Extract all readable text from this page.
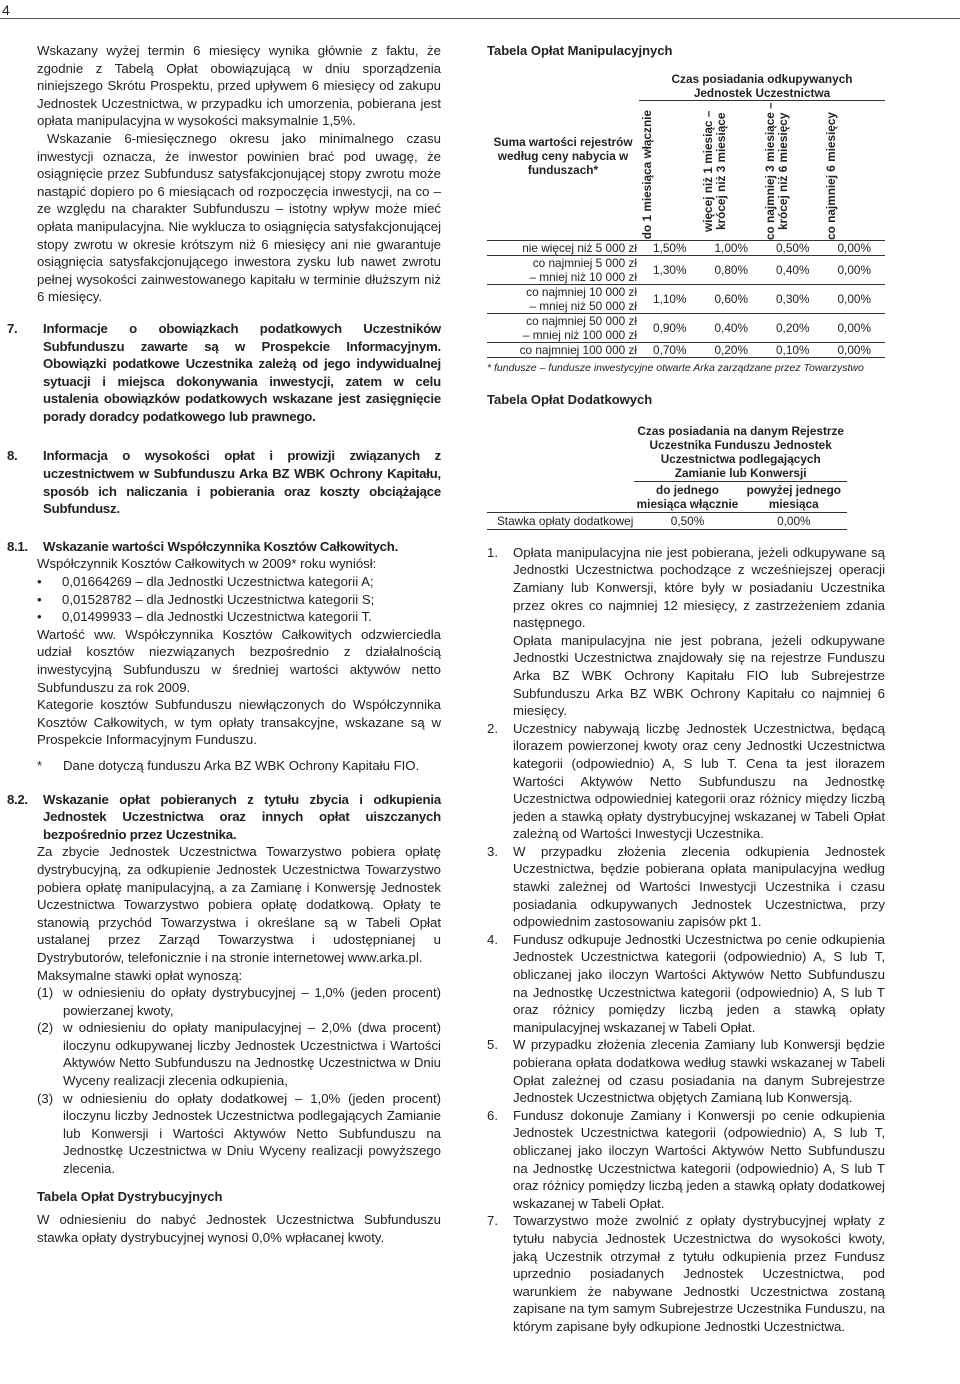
4

Wskazany wyżej termin 6 miesięcy wynika głównie z faktu, że zgodnie z Tabelą Opłat obowiązującą w dniu sporządzenia niniejszego Skrótu Prospektu, przed upływem 6 miesięcy od zakupu Jednostek Uczestnictwa, w przypadku ich umorzenia, pobierana jest opłata manipulacyjna w wysokości maksymalnie 1,5%.

Wskazanie 6-miesięcznego okresu jako minimalnego czasu inwestycji oznacza, że inwestor powinien brać pod uwagę, że osiągnięcie przez Subfundusz satysfakcjonującej stopy zwrotu może nastąpić dopiero po 6 miesiącach od rozpoczęcia inwestycji, na co – ze względu na charakter Subfunduszu – istotny wpływ może mieć opłata manipulacyjna. Nie wyklucza to osiągnięcia satysfakcjonującej stopy zwrotu w okresie krótszym niż 6 miesięcy ani nie gwarantuje osiągnięcia satysfakcjonującego inwestora zysku lub nawet zwrotu pełnej wysokości zainwestowanego kapitału w terminie dłuższym niż 6 miesięcy.

7.	Informacje o obowiązkach podatkowych Uczestników Subfunduszu zawarte są w Prospekcie Informacyjnym. Obowiązki podatkowe Uczestnika zależą od jego indywidualnej sytuacji i miejsca dokonywania inwestycji, zatem w celu ustalenia obowiązków podatkowych wskazane jest zasięgnięcie porady doradcy podatkowego lub prawnego.
8.	Informacja o wysokości opłat i prowizji związanych z uczestnictwem w Subfunduszu Arka BZ WBK Ochrony Kapitału, sposób ich naliczania i pobierania oraz koszty obciążające Subfundusz.
8.1.	Wskazanie wartości Współczynnika Kosztów Całkowitych.

Współczynnik Kosztów Całkowitych w 2009* roku wyniósł:

•	0,01664269 – dla Jednostki Uczestnictwa kategorii A;
•	0,01528782 – dla Jednostki Uczestnictwa kategorii S;
•	0,01499933 – dla Jednostki Uczestnictwa kategorii T.

Wartość ww. Współczynnika Kosztów Całkowitych odzwierciedla udział kosztów niezwiązanych bezpośrednio z działalnością inwestycyjną Subfunduszu w średniej wartości aktywów netto Subfunduszu za rok 2009.

Kategorie kosztów Subfunduszu niewłączonych do Współczynnika Kosztów Całkowitych, w tym opłaty transakcyjne, wskazane są w Prospekcie Informacyjnym Funduszu.

*	Dane dotyczą funduszu Arka BZ WBK Ochrony Kapitału FIO.
8.2.	Wskazanie opłat pobieranych z tytułu zbycia i odkupienia Jednostek Uczestnictwa oraz innych opłat uiszczanych bezpośrednio przez Uczestnika.

Za zbycie Jednostek Uczestnictwa Towarzystwo pobiera opłatę dystrybucyjną, za odkupienie Jednostek Uczestnictwa Towarzystwo pobiera opłatę manipulacyjną, a za Zamianę i Konwersję Jednostek Uczestnictwa Towarzystwo pobiera opłatę dodatkową. Opłaty te stanowią przychód Towarzystwa i określane są w Tabeli Opłat ustalanej przez Zarząd Towarzystwa i udostępnianej u Dystrybutorów, telefonicznie i na stronie internetowej www.arka.pl.

Maksymalne stawki opłat wynoszą:

(1) w odniesieniu do opłaty dystrybucyjnej – 1,0% (jeden procent) powierzanej kwoty,

(2) w odniesieniu do opłaty manipulacyjnej – 2,0% (dwa procent) iloczynu odkupywanej liczby Jednostek Uczestnictwa i Wartości Aktywów Netto Subfunduszu na Jednostkę Uczestnictwa w Dniu Wyceny realizacji zlecenia odkupienia,

(3) w odniesieniu do opłaty dodatkowej – 1,0% (jeden procent) iloczynu liczby Jednostek Uczestnictwa podlegających Zamianie lub Konwersji i Wartości Aktywów Netto Subfunduszu na Jednostkę Uczestnictwa w Dniu Wyceny realizacji powyższego zlecenia.

Tabela Opłat Dystrybucyjnych

W odniesieniu do nabyć Jednostek Uczestnictwa Subfunduszu stawka opłaty dystrybucyjnej wynosi 0,0% wpłacanej kwoty.

Tabela Opłat Manipulacyjnych
Suma wartości rejestrów według ceny nabycia w funduszach*	Czas posiadania odkupywanych Jednostek Uczestnictwa			

	do 1 miesiąca włącznie	więcej niż 1 miesiąc – krócej niż 3 miesiące	co najmniej 3 miesiące – krócej niż 6 miesięcy	co najmniej 6 miesięcy

nie więcej niż 5 000 zł	1,50%	1,00%	0,50%	0,00%
co najmniej 5 000 zł
– mniej niż 10 000 zł	1,30%	0,80%	0,40%	0,00%
co najmniej 10 000 zł
– mniej niż 50 000 zł	1,10%	0,60%	0,30%	0,00%
co najmniej 50 000 zł
– mniej niż 100 000 zł	0,90%	0,40%	0,20%	0,00%
co najmniej 100 000 zł	0,70%	0,20%	0,10%	0,00%
* fundusze – fundusze inwestycyjne otwarte Arka zarządzane przez Towarzystwo
Tabela Opłat Dodatkowych
	Czas posiadania na danym Rejestrze Uczestnika Funduszu Jednostek Uczestnictwa podlegających Zamianie lub Konwersji	
	do jednego miesiąca włącznie	powyżej jednego miesiąca
Stawka opłaty dodatkowej	0,50%	0,00%
1.	Opłata manipulacyjna nie jest pobierana, jeżeli odkupywane są Jednostki Uczestnictwa pochodzące z wcześniejszej operacji Zamiany lub Konwersji, które były w posiadaniu Uczestnika przez okres co najmniej 12 miesięcy, z zastrzeżeniem zdania następnego.

Opłata manipulacyjna nie jest pobrana, jeżeli odkupywane Jednostki Uczestnictwa znajdowały się na rejestrze Funduszu Arka BZ WBK Ochrony Kapitału FIO lub Subrejestrze Subfunduszu Arka BZ WBK Ochrony Kapitału co najmniej 6 miesięcy.

2.	Uczestnicy nabywają liczbę Jednostek Uczestnictwa, będącą ilorazem powierzonej kwoty oraz ceny Jednostki Uczestnictwa kategorii (odpowiednio) A, S lub T. Cena ta jest ilorazem Wartości Aktywów Netto Subfunduszu na Jednostkę Uczestnictwa odpowiedniej kategorii oraz różnicy między liczbą jeden a stawką opłaty dystrybucyjnej wskazanej w Tabeli Opłat zależną od Wartości Inwestycji Uczestnika.

3.	W przypadku złożenia zlecenia odkupienia Jednostek Uczestnictwa, będzie pobierana opłata manipulacyjna według stawki zależnej od Wartości Inwestycji Uczestnika i czasu posiadania odkupywanych Jednostek Uczestnictwa, przy odpowiednim zastosowaniu zapisów pkt 1.

4.	Fundusz odkupuje Jednostki Uczestnictwa po cenie odkupienia Jednostek Uczestnictwa kategorii (odpowiednio) A, S lub T, obliczanej jako iloczyn Wartości Aktywów Netto Subfunduszu na Jednostkę Uczestnictwa kategorii (odpowiednio) A, S lub T oraz różnicy pomiędzy liczbą jeden a stawką opłaty manipulacyjnej wskazanej w Tabeli Opłat.

5.	W przypadku złożenia zlecenia Zamiany lub Konwersji będzie pobierana opłata dodatkowa według stawki wskazanej w Tabeli Opłat zależnej od czasu posiadania na danym Subrejestrze Jednostek Uczestnictwa objętych Zamianą lub Konwersją.

6.	Fundusz dokonuje Zamiany i Konwersji po cenie odkupienia Jednostek Uczestnictwa kategorii (odpowiednio) A, S lub T, obliczanej jako iloczyn Wartości Aktywów Netto Subfunduszu na Jednostkę Uczestnictwa kategorii (odpowiednio) A, S lub T oraz różnicy pomiędzy liczbą jeden a stawką opłaty dodatkowej wskazanej w Tabeli Opłat.

7.	Towarzystwo może zwolnić z opłaty dystrybucyjnej wpłaty z tytułu nabycia Jednostek Uczestnictwa do wysokości kwoty, jaką Uczestnik otrzymał z tytułu odkupienia przez Fundusz uprzednio posiadanych Jednostek Uczestnictwa, pod warunkiem że nabywane Jednostki Uczestnictwa zostaną zapisane na tym samym Subrejestrze Uczestnika Funduszu, na którym zapisane były odkupione Jednostki Uczestnictwa.
